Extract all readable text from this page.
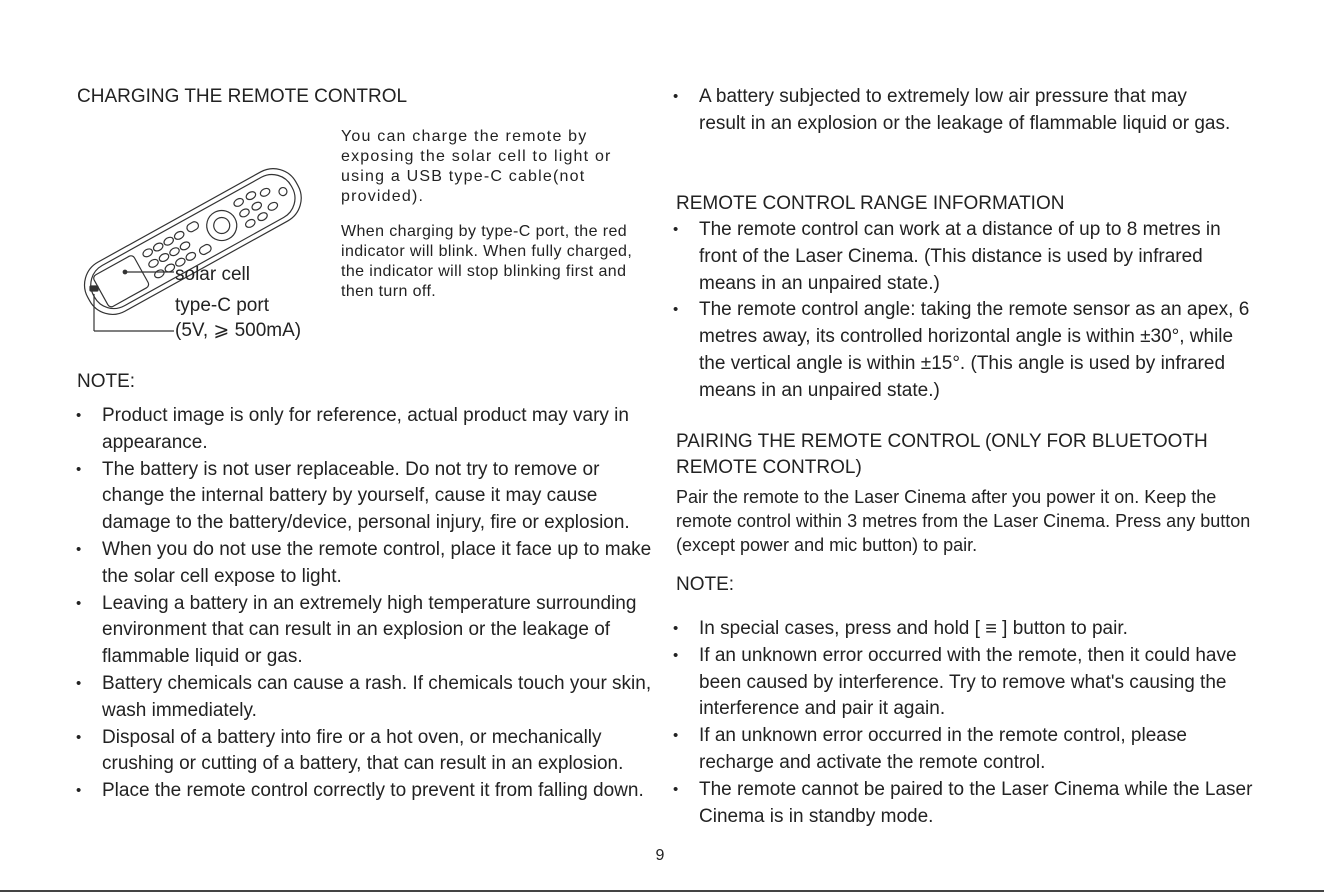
CHARGING THE REMOTE CONTROL
solar cell
type-C port
(5V, ⩾ 500mA)

You can charge the remote by exposing the solar cell to light or using a USB type-C cable(not provided).

When charging by type-C port, the red indicator will blink. When fully charged, the indicator will stop blinking first and then turn off.

NOTE:
• Product image is only for reference, actual product may vary in appearance.
• The battery is not user replaceable. Do not try to remove or change the internal battery by yourself, cause it may cause damage to the battery/device, personal injury, fire or explosion.
• When you do not use the remote control, place it face up to make the solar cell expose to light.
• Leaving a battery in an extremely high temperature surrounding environment that can result in an explosion or the leakage of flammable liquid or gas.
• Battery chemicals can cause a rash. If chemicals touch your skin, wash immediately.
• Disposal of a battery into fire or a hot oven, or mechanically crushing or cutting of a battery, that can result in an explosion.
• Place the remote control correctly to prevent it from falling down.
• A battery subjected to extremely low air pressure that may result in an explosion or the leakage of flammable liquid or gas.
REMOTE CONTROL RANGE INFORMATION
• The remote control can work at a distance of up to 8 metres in front of the Laser Cinema. (This distance is used by infrared means in an unpaired state.)
• The remote control angle: taking the remote sensor as an apex, 6 metres away, its controlled horizontal angle is within ±30°, while the vertical angle is within ±15°. (This angle is used by infrared means in an unpaired state.)
PAIRING THE REMOTE CONTROL (ONLY FOR BLUETOOTH REMOTE CONTROL)
Pair the remote to the Laser Cinema after you power it on. Keep the remote control within 3 metres from the Laser Cinema. Press any button (except power and mic button) to pair.
NOTE:
• In special cases, press and hold [ ≡ ] button to pair.
• If an unknown error occurred with the remote, then it could have been caused by interference. Try to remove what's causing the interference and pair it again.
• If an unknown error occurred in the remote control, please recharge and activate the remote control.
• The remote cannot be paired to the Laser Cinema while the Laser Cinema is in standby mode.
9
